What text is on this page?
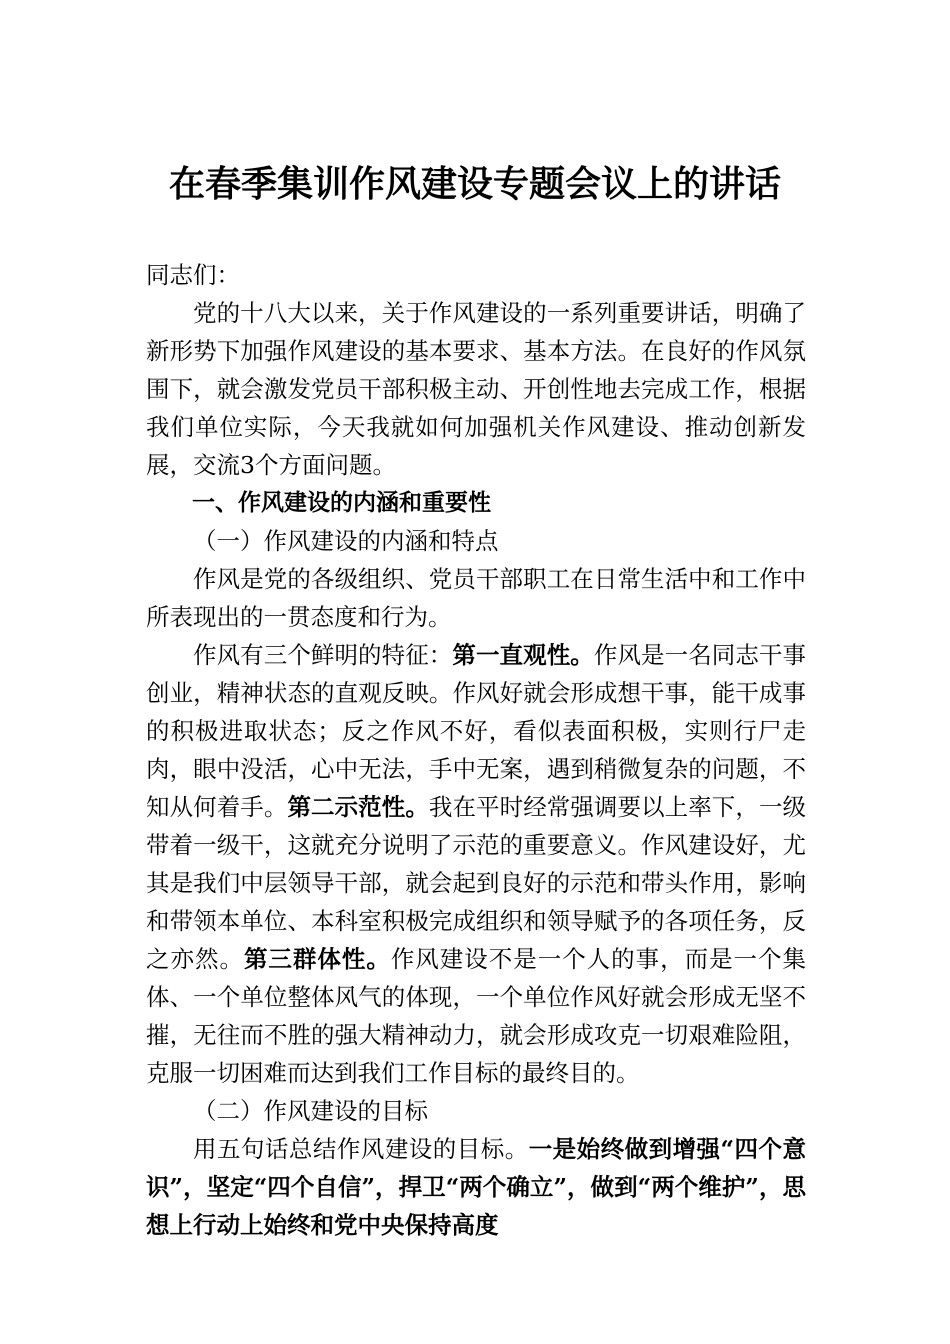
在春季集训作风建设专题会议上的讲话

同志们：

党的十八大以来，关于作风建设的一系列重要讲话，明确了新形势下加强作风建设的基本要求、基本方法。在良好的作风氛围下，就会激发党员干部积极主动、开创性地去完成工作，根据我们单位实际，今天我就如何加强机关作风建设、推动创新发展，交流3个方面问题。

一、作风建设的内涵和重要性

（一）作风建设的内涵和特点

作风是党的各级组织、党员干部职工在日常生活中和工作中所表现出的一贯态度和行为。

作风有三个鲜明的特征：第一直观性。作风是一名同志干事创业，精神状态的直观反映。作风好就会形成想干事，能干成事的积极进取状态；反之作风不好，看似表面积极，实则行尸走肉，眼中没活，心中无法，手中无案，遇到稍微复杂的问题，不知从何着手。第二示范性。我在平时经常强调要以上率下，一级带着一级干，这就充分说明了示范的重要意义。作风建设好，尤其是我们中层领导干部，就会起到良好的示范和带头作用，影响和带领本单位、本科室积极完成组织和领导赋予的各项任务，反之亦然。第三群体性。作风建设不是一个人的事，而是一个集体、一个单位整体风气的体现，一个单位作风好就会形成无坚不摧，无往而不胜的强大精神动力，就会形成攻克一切艰难险阻，克服一切困难而达到我们工作目标的最终目的。

（二）作风建设的目标

用五句话总结作风建设的目标。一是始终做到增强“四个意识”，坚定“四个自信”，捍卫“两个确立”，做到“两个维护”，思想上行动上始终和党中央保持高度
